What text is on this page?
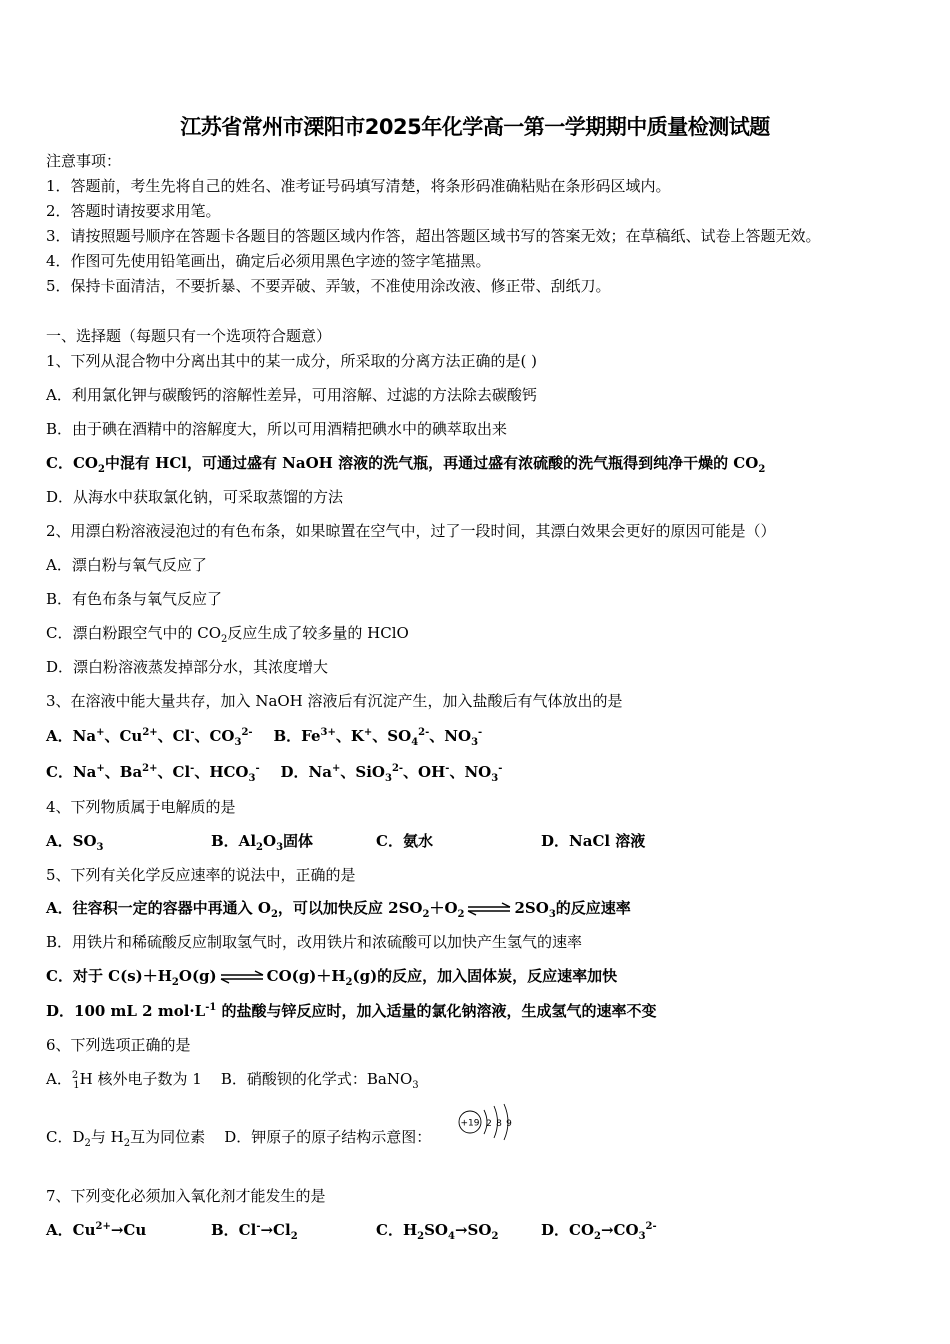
江苏省常州市溧阳市2025年化学高一第一学期期中质量检测试题
注意事项：
1．答题前，考生先将自己的姓名、准考证号码填写清楚，将条形码准确粘贴在条形码区域内。
2．答题时请按要求用笔。
3．请按照题号顺序在答题卡各题目的答题区域内作答，超出答题区域书写的答案无效；在草稿纸、试卷上答题无效。
4．作图可先使用铅笔画出，确定后必须用黑色字迹的签字笔描黑。
5．保持卡面清洁，不要折暴、不要弄破、弄皱，不准使用涂改液、修正带、刮纸刀。
一、选择题（每题只有一个选项符合题意）
1、下列从混合物中分离出其中的某一成分，所采取的分离方法正确的是( )
A．利用氯化钾与碳酸钙的溶解性差异，可用溶解、过滤的方法除去碳酸钙
B．由于碘在酒精中的溶解度大，所以可用酒精把碘水中的碘萃取出来
C．$CO_2$中混有 HCl，可通过盛有 NaOH 溶液的洗气瓶，再通过盛有浓硫酸的洗气瓶得到纯净干燥的 $CO_2$
D．从海水中获取氯化钠，可采取蒸馏的方法
2、用漂白粉溶液浸泡过的有色布条，如果晾置在空气中，过了一段时间，其漂白效果会更好的原因可能是（）
A．漂白粉与氧气反应了
B．有色布条与氧气反应了
C．漂白粉跟空气中的 $CO_2$反应生成了较多量的 HClO
D．漂白粉溶液蒸发掉部分水，其浓度增大
3、在溶液中能大量共存，加入 NaOH 溶液后有沉淀产生，加入盐酸后有气体放出的是
A．Na+、$Cu^{2+}$、Cl-、$CO_3^{2-}$ B．$Fe^{3+}$、K+、$SO_4^{2-}$、$NO_3^-$
C．Na+、$Ba^{2+}$、Cl-、$HCO_3^-$ D．Na+、SiO$_3^{2-}$、OH-、$NO_3^-$
4、下列物质属于电解质的是
A．$SO_3$	B．$Al_2O_3$固体	C．氨水	D．NaCl 溶液
5、下列有关化学反应速率的说法中，正确的是
A．往容积一定的容器中再通入 $O_2$，可以加快反应 $2SO_2+O_2$ ⇌ $2SO_3$的反应速率
B．用铁片和稀硫酸反应制取氢气时，改用铁片和浓硫酸可以加快产生氢气的速率
C．对于 $C(s)+H_2O(g)$ ⇌ $CO(g)+H_2(g)$的反应，加入固体炭，反应速率加快
D．100 mL 2 $mol\cdot L^{-1}$ 的盐酸与锌反应时，加入适量的氯化钠溶液，生成氢气的速率不变
6、下列选项正确的是
A．$^2_1$H 核外电子数为 1 B．硝酸钡的化学式：BaNO$_3$
C．$D_2$与 $H_2$互为同位素 D．钾原子的原子结构示意图：
+19 2 8 9
7、下列变化必须加入氧化剂才能发生的是
A．$Cu^{2+}\to Cu$	B．$Cl^-\to Cl_2$	C．$H_2SO_4\to SO_2$	D．$CO_2\to CO_3^{2-}$
